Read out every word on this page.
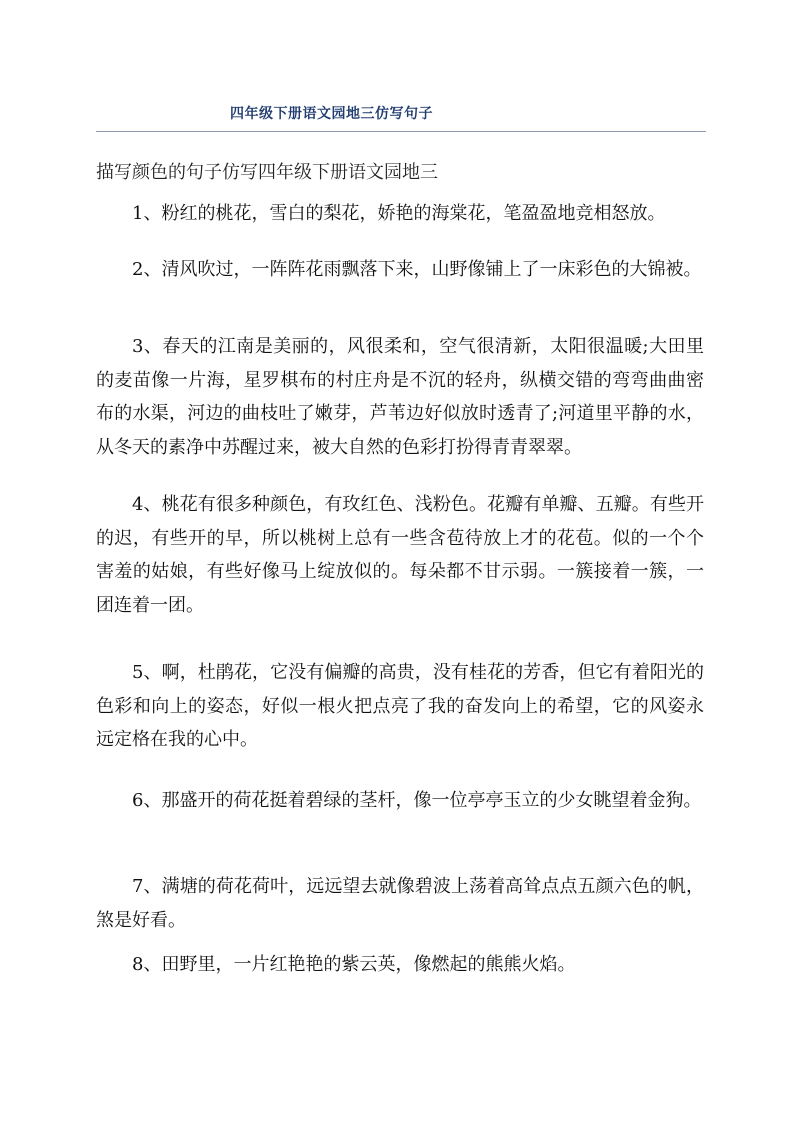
四年级下册语文园地三仿写句子
描写颜色的句子仿写四年级下册语文园地三

1、粉红的桃花，雪白的梨花，娇艳的海棠花，笔盈盈地竞相怒放。

2、清风吹过，一阵阵花雨飘落下来，山野像铺上了一床彩色的大锦被。

3、春天的江南是美丽的，风很柔和，空气很清新，太阳很温暖;大田里的麦苗像一片海，星罗棋布的村庄舟是不沉的轻舟，纵横交错的弯弯曲曲密布的水渠，河边的曲枝吐了嫩芽，芦苇边好似放时透青了;河道里平静的水，从冬天的素净中苏醒过来，被大自然的色彩打扮得青青翠翠。

4、桃花有很多种颜色，有玫红色、浅粉色。花瓣有单瓣、五瓣。有些开的迟，有些开的早，所以桃树上总有一些含苞待放上才的花苞。似的一个个害羞的姑娘，有些好像马上绽放似的。每朵都不甘示弱。一簇接着一簇，一团连着一团。

5、啊，杜鹃花，它没有偏瓣的高贵，没有桂花的芳香，但它有着阳光的色彩和向上的姿态，好似一根火把点亮了我的奋发向上的希望，它的风姿永远定格在我的心中。

6、那盛开的荷花挺着碧绿的茎杆，像一位亭亭玉立的少女眺望着金狗。

7、满塘的荷花荷叶，远远望去就像碧波上荡着高耸点点五颜六色的帆，煞是好看。

8、田野里，一片红艳艳的紫云英，像燃起的熊熊火焰。
